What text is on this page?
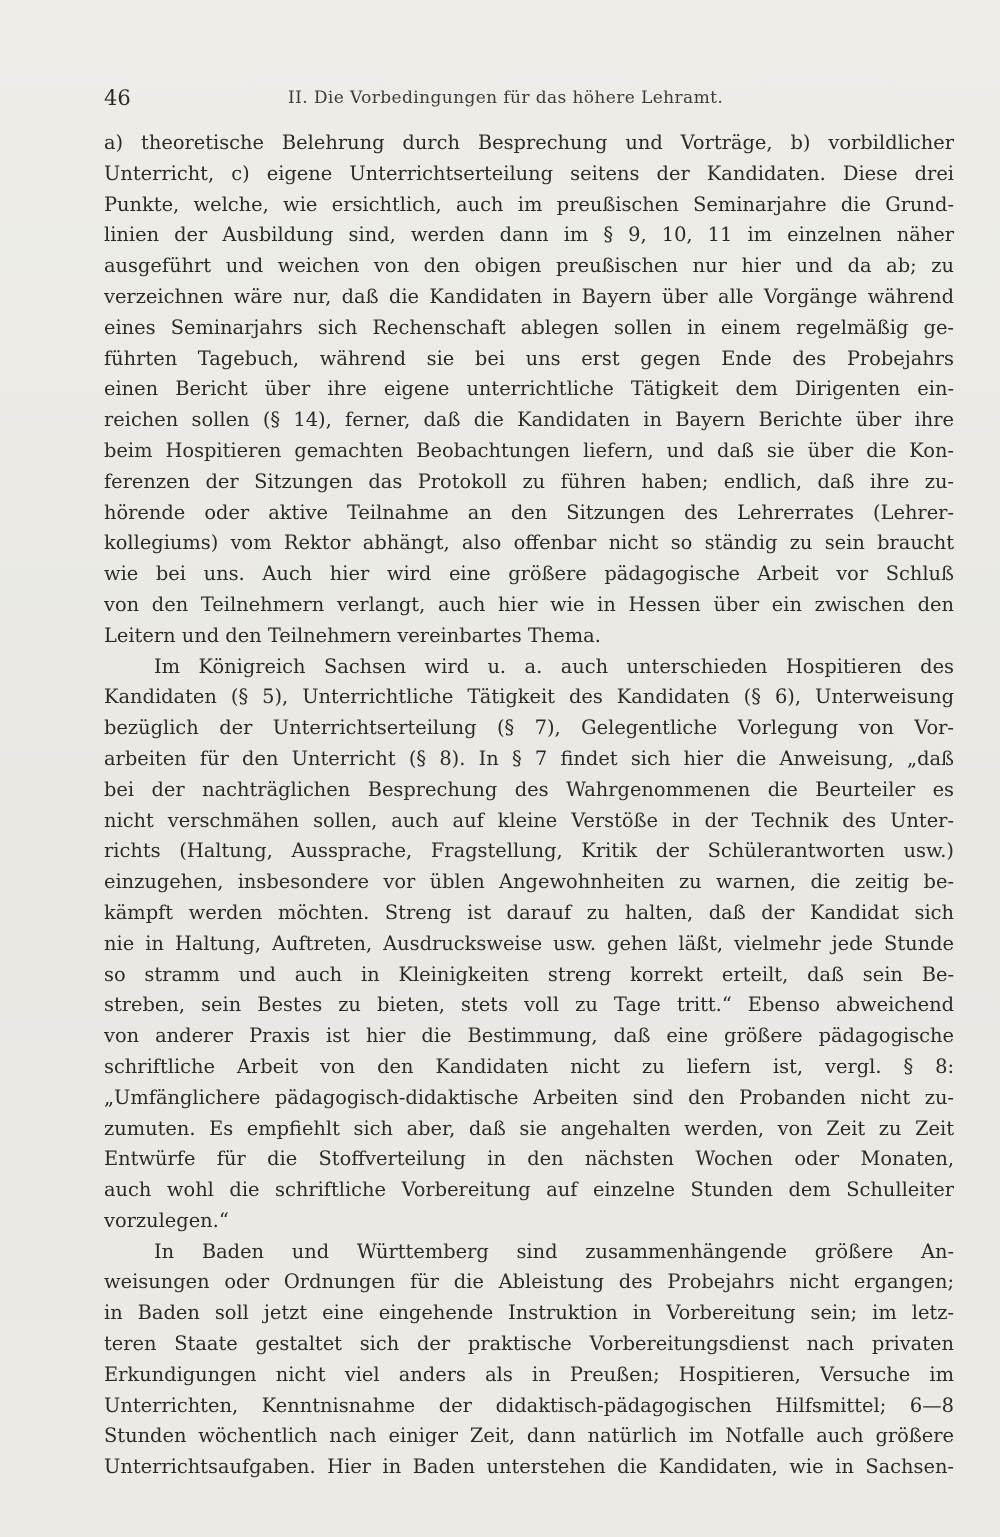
46	II. Die Vorbedingungen für das höhere Lehramt.
a) theoretische Belehrung durch Besprechung und Vorträge, b) vorbildlicher
Unterricht, c) eigene Unterrichtserteilung seitens der Kandidaten. Diese drei
Punkte, welche, wie ersichtlich, auch im preußischen Seminarjahre die Grund-
linien der Ausbildung sind, werden dann im § 9, 10, 11 im einzelnen näher
ausgeführt und weichen von den obigen preußischen nur hier und da ab; zu
verzeichnen wäre nur, daß die Kandidaten in Bayern über alle Vorgänge während
eines Seminarjahrs sich Rechenschaft ablegen sollen in einem regelmäßig ge-
führten Tagebuch, während sie bei uns erst gegen Ende des Probejahrs
einen Bericht über ihre eigene unterrichtliche Tätigkeit dem Dirigenten ein-
reichen sollen (§ 14), ferner, daß die Kandidaten in Bayern Berichte über ihre
beim Hospitieren gemachten Beobachtungen liefern, und daß sie über die Kon-
ferenzen der Sitzungen das Protokoll zu führen haben; endlich, daß ihre zu-
hörende oder aktive Teilnahme an den Sitzungen des Lehrerrates (Lehrer-
kollegiums) vom Rektor abhängt, also offenbar nicht so ständig zu sein braucht
wie bei uns. Auch hier wird eine größere pädagogische Arbeit vor Schluß
von den Teilnehmern verlangt, auch hier wie in Hessen über ein zwischen den
Leitern und den Teilnehmern vereinbartes Thema.
Im Königreich Sachsen wird u. a. auch unterschieden Hospitieren des
Kandidaten (§ 5), Unterrichtliche Tätigkeit des Kandidaten (§ 6), Unterweisung
bezüglich der Unterrichtserteilung (§ 7), Gelegentliche Vorlegung von Vor-
arbeiten für den Unterricht (§ 8). In § 7 findet sich hier die Anweisung, „daß
bei der nachträglichen Besprechung des Wahrgenommenen die Beurteiler es
nicht verschmähen sollen, auch auf kleine Verstöße in der Technik des Unter-
richts (Haltung, Aussprache, Fragstellung, Kritik der Schülerantworten usw.)
einzugehen, insbesondere vor üblen Angewohnheiten zu warnen, die zeitig be-
kämpft werden möchten. Streng ist darauf zu halten, daß der Kandidat sich
nie in Haltung, Auftreten, Ausdrucksweise usw. gehen läßt, vielmehr jede Stunde
so stramm und auch in Kleinigkeiten streng korrekt erteilt, daß sein Be-
streben, sein Bestes zu bieten, stets voll zu Tage tritt.“ Ebenso abweichend
von anderer Praxis ist hier die Bestimmung, daß eine größere pädagogische
schriftliche Arbeit von den Kandidaten nicht zu liefern ist, vergl. § 8:
„Umfänglichere pädagogisch-didaktische Arbeiten sind den Probanden nicht zu-
zumuten. Es empfiehlt sich aber, daß sie angehalten werden, von Zeit zu Zeit
Entwürfe für die Stoffverteilung in den nächsten Wochen oder Monaten,
auch wohl die schriftliche Vorbereitung auf einzelne Stunden dem Schulleiter
vorzulegen.“
In Baden und Württemberg sind zusammenhängende größere An-
weisungen oder Ordnungen für die Ableistung des Probejahrs nicht ergangen;
in Baden soll jetzt eine eingehende Instruktion in Vorbereitung sein; im letz-
teren Staate gestaltet sich der praktische Vorbereitungsdienst nach privaten
Erkundigungen nicht viel anders als in Preußen; Hospitieren, Versuche im
Unterrichten, Kenntnisnahme der didaktisch-pädagogischen Hilfsmittel; 6—8
Stunden wöchentlich nach einiger Zeit, dann natürlich im Notfalle auch größere
Unterrichtsaufgaben. Hier in Baden unterstehen die Kandidaten, wie in Sachsen-
